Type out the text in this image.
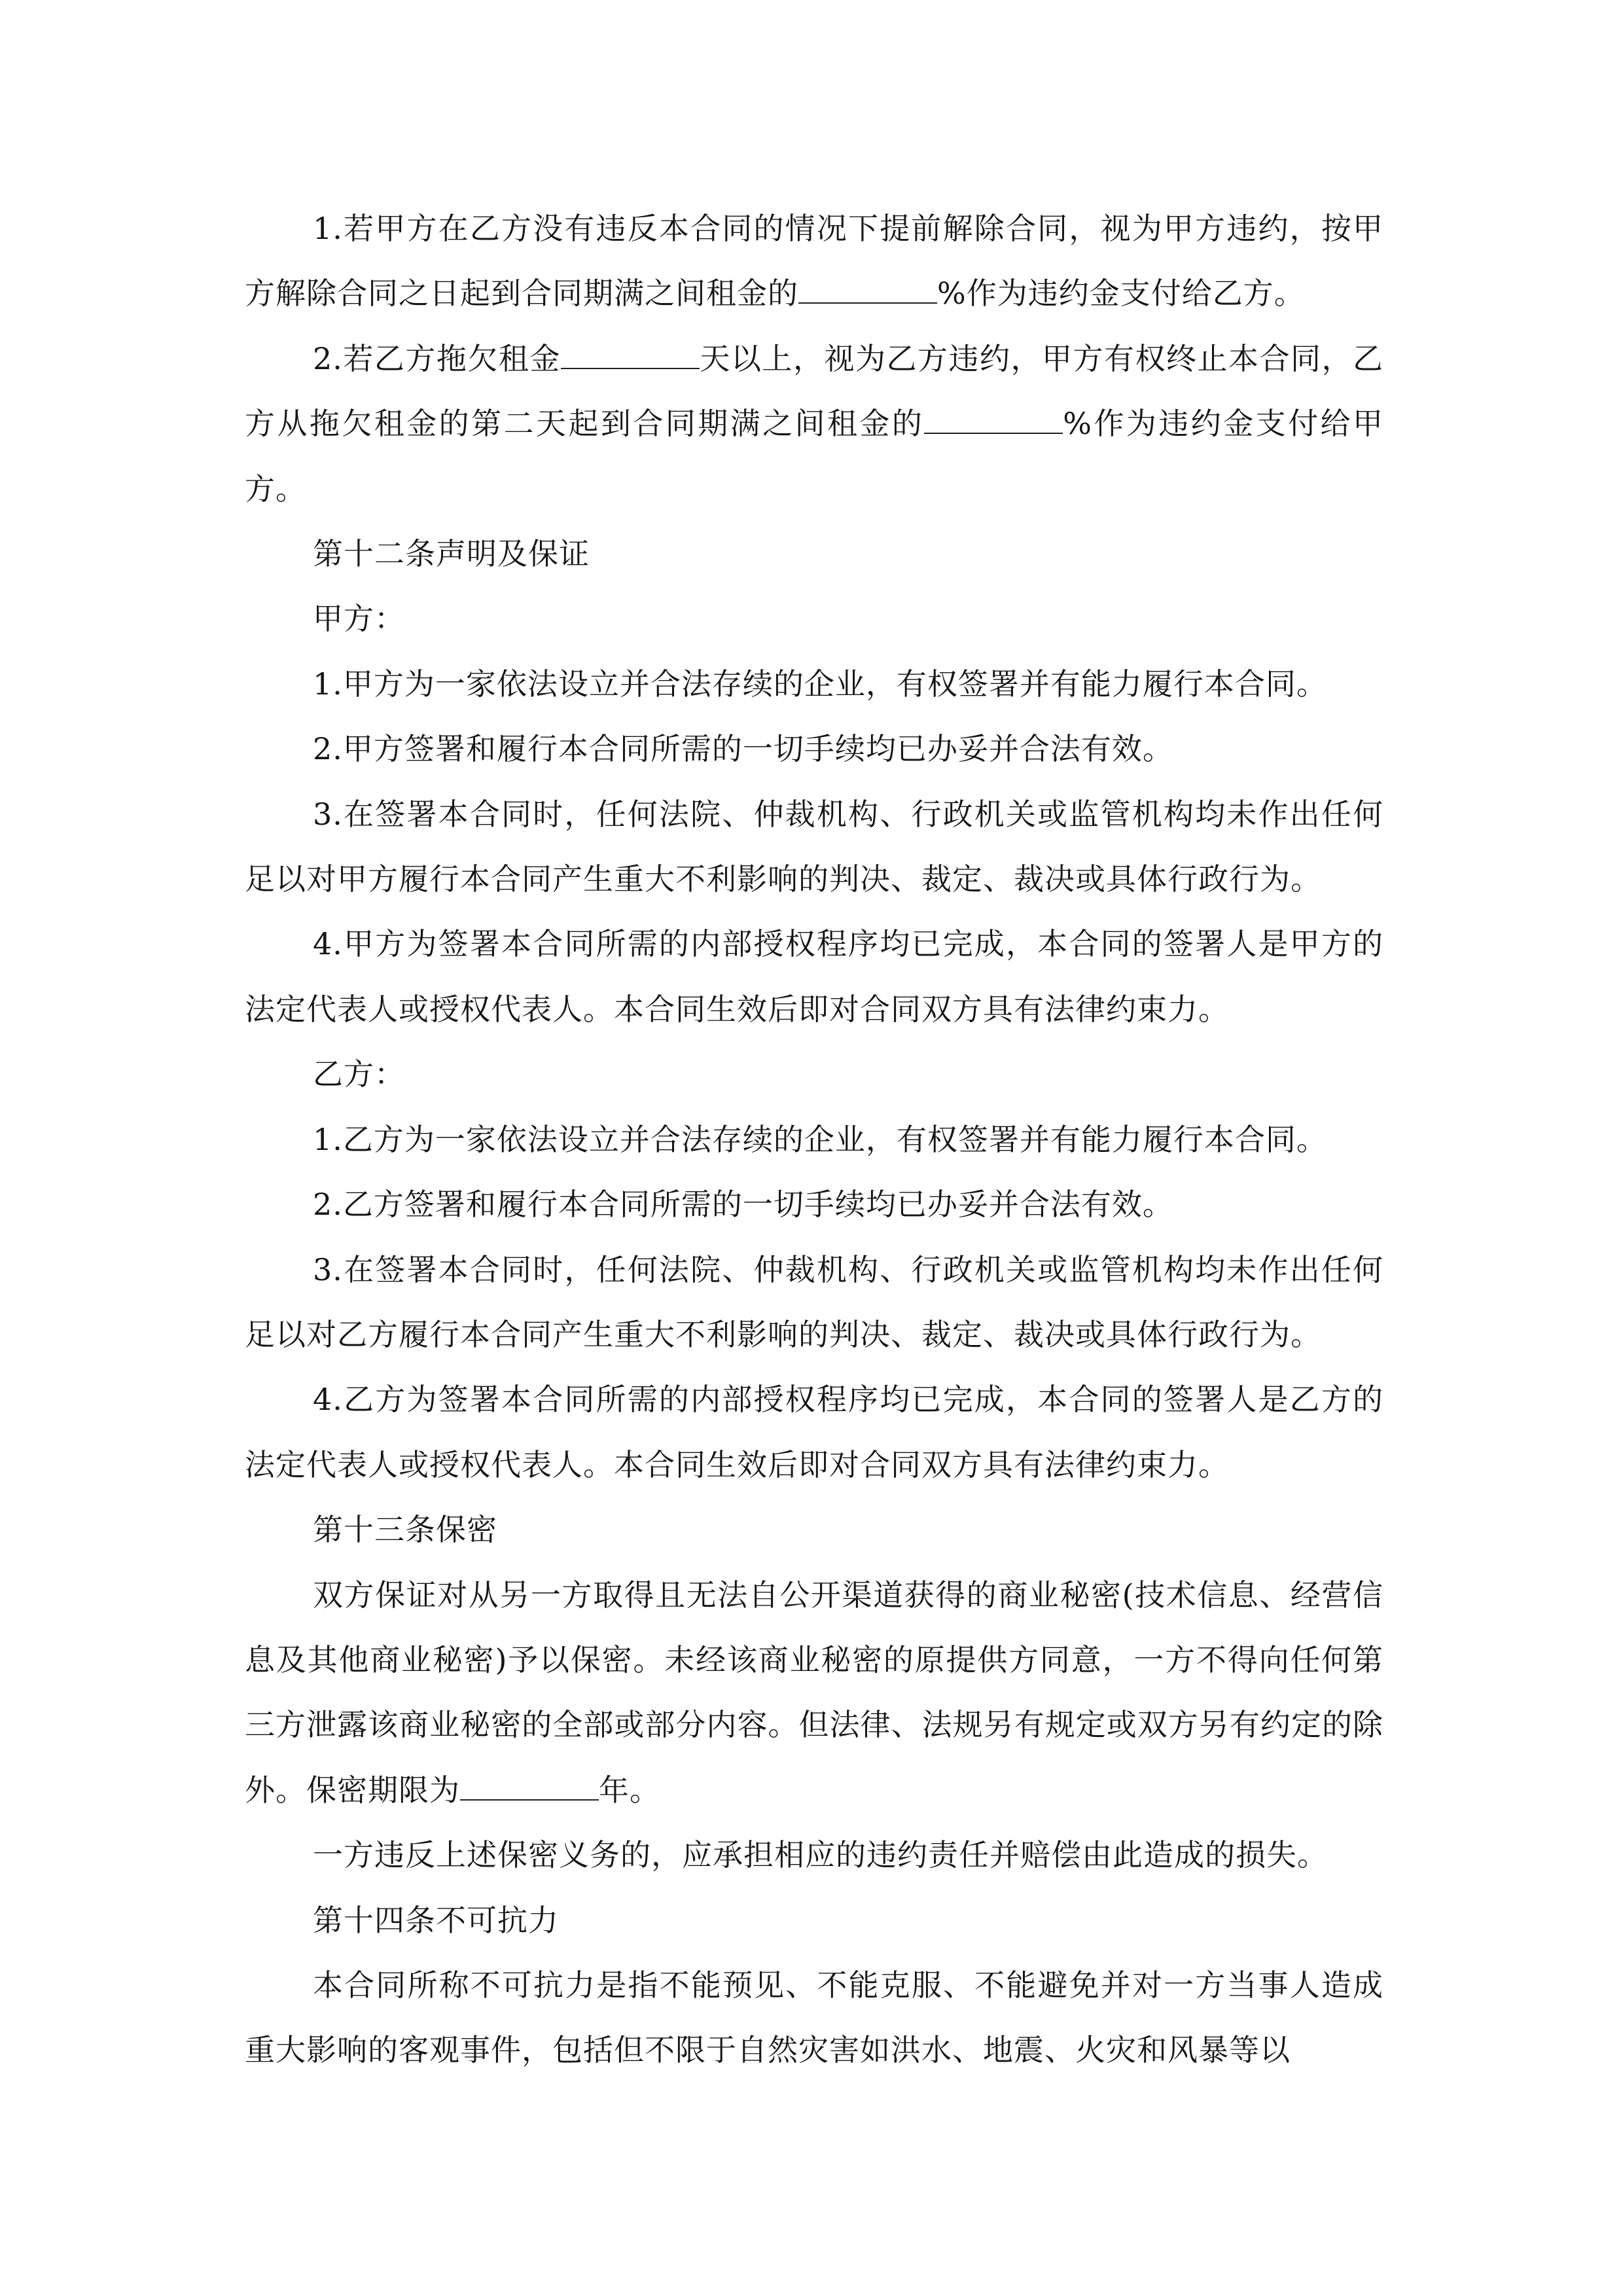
1.若甲方在乙方没有违反本合同的情况下提前解除合同，视为甲方违约，按甲方解除合同之日起到合同期满之间租金的	%作为违约金支付给乙方。

2.若乙方拖欠租金	天以上，视为乙方违约，甲方有权终止本合同，乙方从拖欠租金的第二天起到合同期满之间租金的	%作为违约金支付给甲方。

第十二条声明及保证

甲方：

1.甲方为一家依法设立并合法存续的企业，有权签署并有能力履行本合同。

2.甲方签署和履行本合同所需的一切手续均已办妥并合法有效。

3.在签署本合同时，任何法院、仲裁机构、行政机关或监管机构均未作出任何足以对甲方履行本合同产生重大不利影响的判决、裁定、裁决或具体行政行为。

4.甲方为签署本合同所需的内部授权程序均已完成，本合同的签署人是甲方的法定代表人或授权代表人。本合同生效后即对合同双方具有法律约束力。

乙方：

1.乙方为一家依法设立并合法存续的企业，有权签署并有能力履行本合同。

2.乙方签署和履行本合同所需的一切手续均已办妥并合法有效。

3.在签署本合同时，任何法院、仲裁机构、行政机关或监管机构均未作出任何足以对乙方履行本合同产生重大不利影响的判决、裁定、裁决或具体行政行为。

4.乙方为签署本合同所需的内部授权程序均已完成，本合同的签署人是乙方的法定代表人或授权代表人。本合同生效后即对合同双方具有法律约束力。

第十三条保密

双方保证对从另一方取得且无法自公开渠道获得的商业秘密(技术信息、经营信息及其他商业秘密)予以保密。未经该商业秘密的原提供方同意，一方不得向任何第三方泄露该商业秘密的全部或部分内容。但法律、法规另有规定或双方另有约定的除外。保密期限为	年。

一方违反上述保密义务的，应承担相应的违约责任并赔偿由此造成的损失。

第十四条不可抗力

本合同所称不可抗力是指不能预见、不能克服、不能避免并对一方当事人造成重大影响的客观事件，包括但不限于自然灾害如洪水、地震、火灾和风暴等以
